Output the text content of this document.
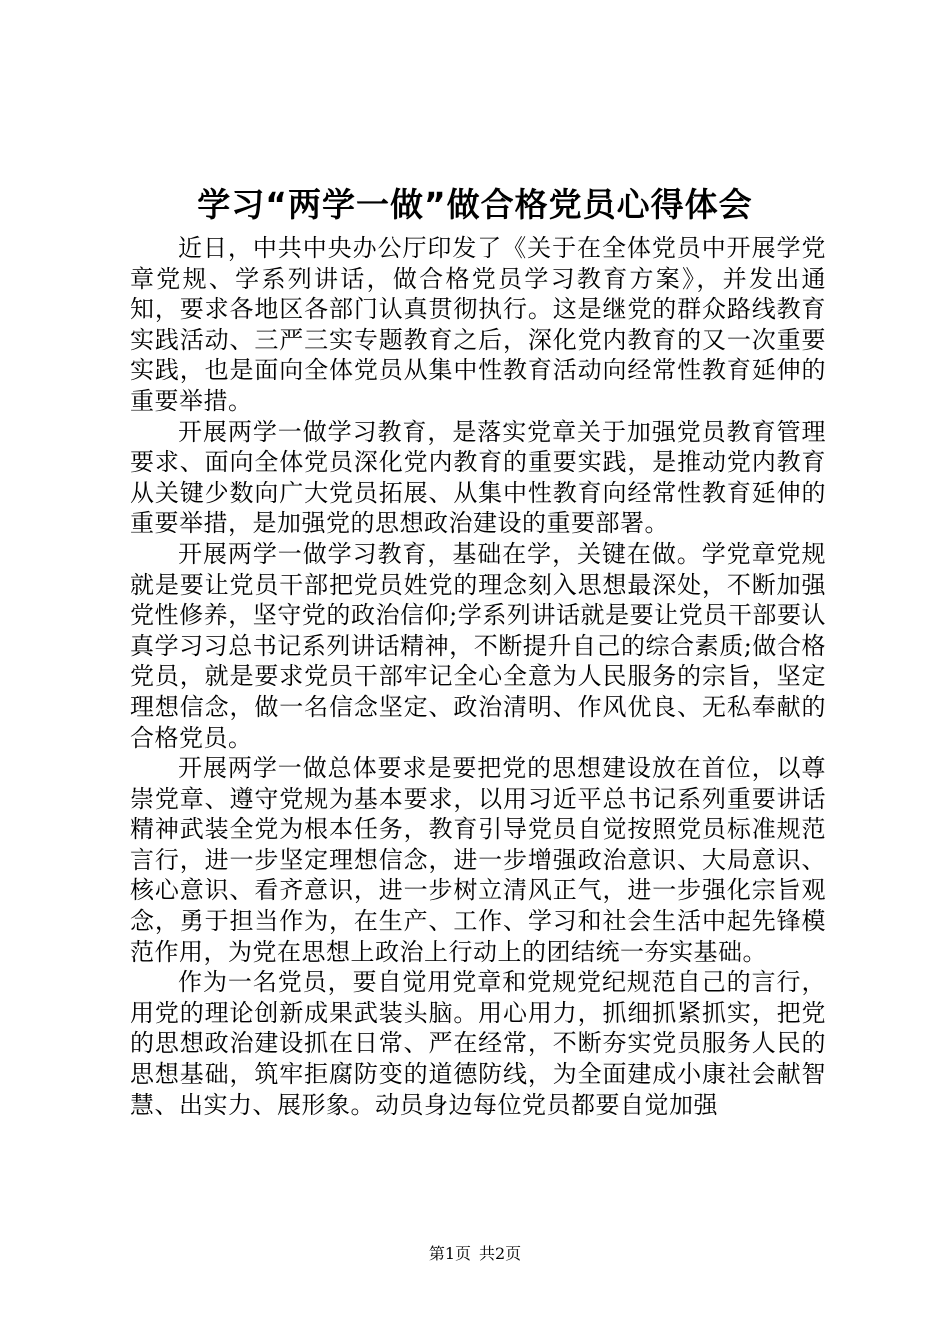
学习“两学一做”做合格党员心得体会

近日，中共中央办公厅印发了《关于在全体党员中开展学党章党规、学系列讲话，做合格党员学习教育方案》，并发出通知，要求各地区各部门认真贯彻执行。这是继党的群众路线教育实践活动、三严三实专题教育之后，深化党内教育的又一次重要实践，也是面向全体党员从集中性教育活动向经常性教育延伸的重要举措。

开展两学一做学习教育，是落实党章关于加强党员教育管理要求、面向全体党员深化党内教育的重要实践，是推动党内教育从关键少数向广大党员拓展、从集中性教育向经常性教育延伸的重要举措，是加强党的思想政治建设的重要部署。

开展两学一做学习教育，基础在学，关键在做。学党章党规就是要让党员干部把党员姓党的理念刻入思想最深处，不断加强党性修养，坚守党的政治信仰;学系列讲话就是要让党员干部要认真学习习总书记系列讲话精神，不断提升自己的综合素质;做合格党员，就是要求党员干部牢记全心全意为人民服务的宗旨，坚定理想信念，做一名信念坚定、政治清明、作风优良、无私奉献的合格党员。

开展两学一做总体要求是要把党的思想建设放在首位，以尊崇党章、遵守党规为基本要求，以用习近平总书记系列重要讲话精神武装全党为根本任务，教育引导党员自觉按照党员标准规范言行，进一步坚定理想信念，进一步增强政治意识、大局意识、核心意识、看齐意识，进一步树立清风正气，进一步强化宗旨观念，勇于担当作为，在生产、工作、学习和社会生活中起先锋模范作用，为党在思想上政治上行动上的团结统一夯实基础。

作为一名党员，要自觉用党章和党规党纪规范自己的言行，用党的理论创新成果武装头脑。用心用力，抓细抓紧抓实，把党的思想政治建设抓在日常、严在经常，不断夯实党员服务人民的思想基础，筑牢拒腐防变的道德防线，为全面建成小康社会献智慧、出实力、展形象。动员身边每位党员都要自觉加强

第1页 共2页
